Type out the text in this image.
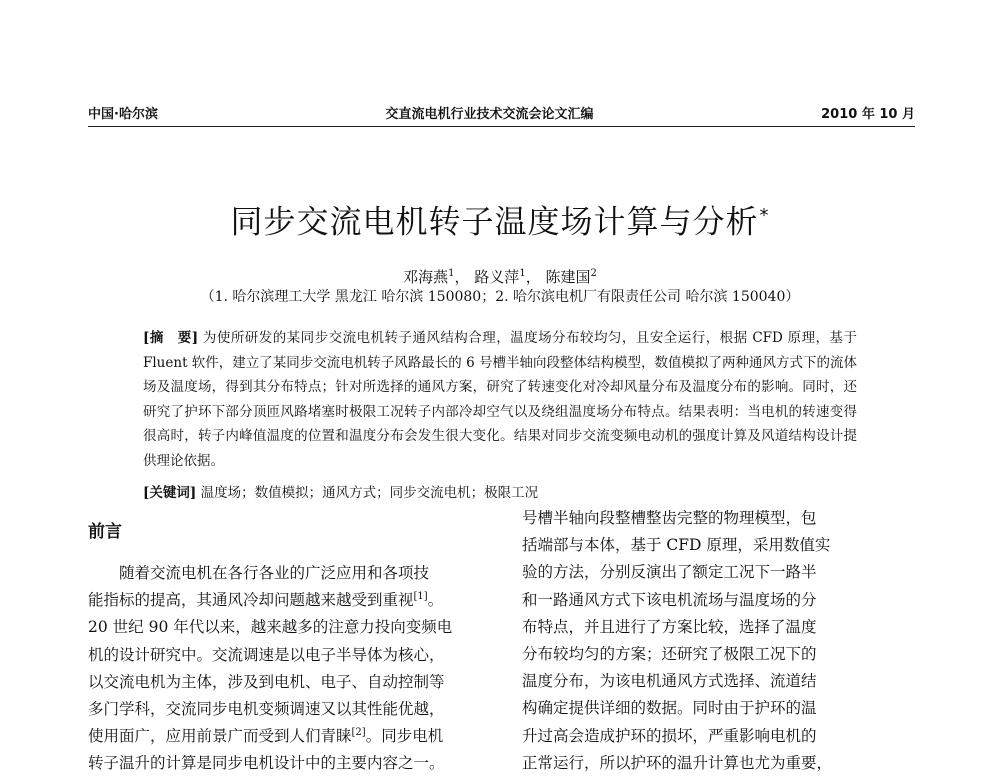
中国·哈尔滨	交直流电机行业技术交流会论文汇编	2010 年 10 月
同步交流电机转子温度场计算与分析*
邓海燕$^1$， 路义萍$^1$， 陈建国$^2$
（1. 哈尔滨理工大学 黑龙江 哈尔滨 150080；2. 哈尔滨电机厂有限责任公司 哈尔滨 150040）
[摘　要] 为使所研发的某同步交流电机转子通风结构合理，温度场分布较均匀，且安全运行，根据 CFD 原理，基于 Fluent 软件，建立了某同步交流电机转子风路最长的 6 号槽半轴向段整体结构模型，数值模拟了两种通风方式下的流体场及温度场，得到其分布特点；针对所选择的通风方案，研究了转速变化对冷却风量分布及温度分布的影响。同时，还研究了护环下部分顶匝风路堵塞时极限工况转子内部冷却空气以及绕组温度场分布特点。结果表明：当电机的转速变得很高时，转子内峰值温度的位置和温度分布会发生很大变化。结果对同步交流变频电动机的强度计算及风道结构设计提供理论依据。
[关键词] 温度场；数值模拟；通风方式；同步交流电机；极限工况
前言
　　随着交流电机在各行各业的广泛应用和各项技
能指标的提高，其通风冷却问题越来越受到重视[1]。
20 世纪 90 年代以来，越来越多的注意力投向变频电
机的设计研究中。交流调速是以电子半导体为核心，
以交流电机为主体，涉及到电机、电子、自动控制等
多门学科，交流同步电机变频调速又以其性能优越，
使用面广，应用前景广而受到人们青睐[2]。同步电机
转子温升的计算是同步电机设计中的主要内容之一。
号槽半轴向段整槽整齿完整的物理模型，包
括端部与本体，基于 CFD 原理，采用数值实
验的方法，分别反演出了额定工况下一路半
和一路通风方式下该电机流场与温度场的分
布特点，并且进行了方案比较，选择了温度
分布较均匀的方案；还研究了极限工况下的
温度分布，为该电机通风方式选择、流道结
构确定提供详细的数据。同时由于护环的温
升过高会造成护环的损坏，严重影响电机的
正常运行，所以护环的温升计算也尤为重要，
